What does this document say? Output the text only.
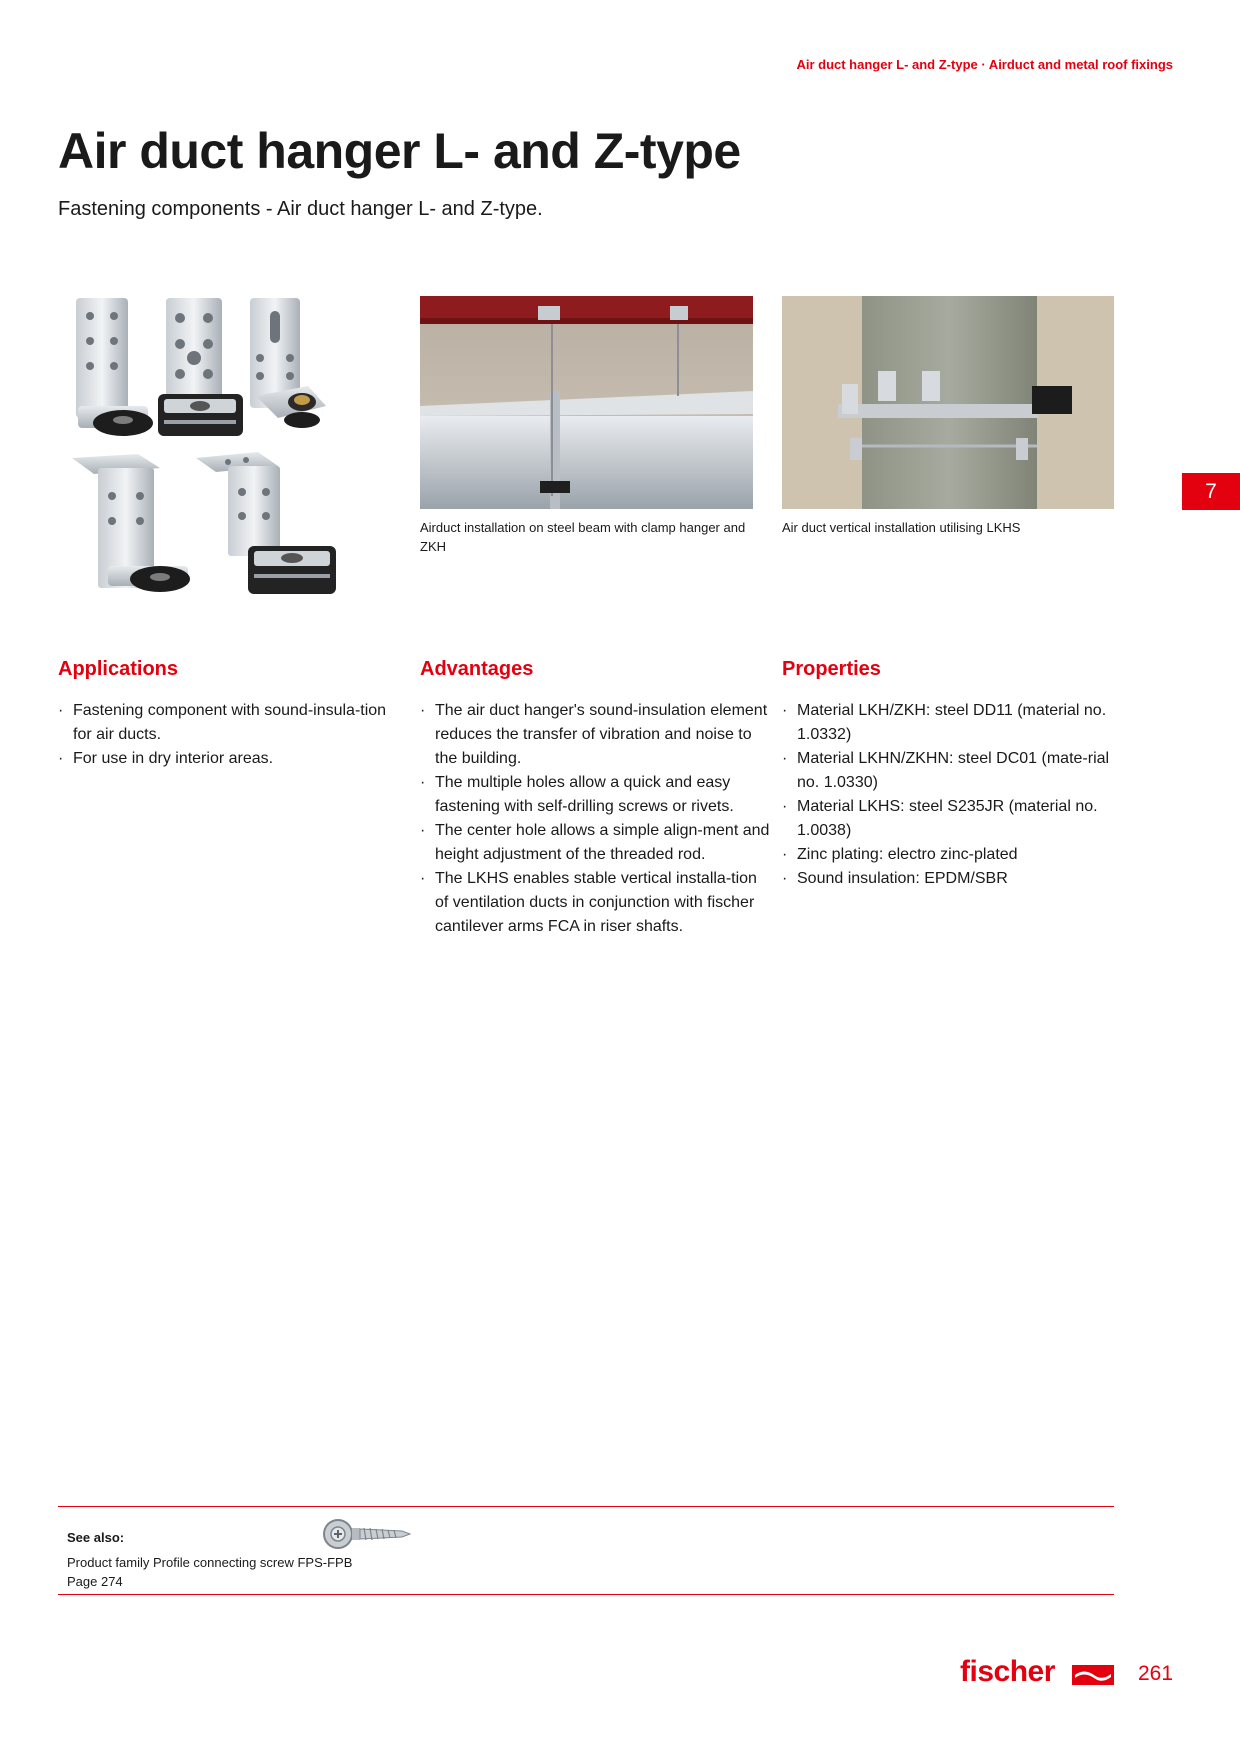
Air duct hanger L- and Z-type · Airduct and metal roof fixings
Air duct hanger L- and Z-type
Fastening components - Air duct hanger L- and Z-type.
7
Airduct installation on steel beam with clamp hanger and ZKH
Air duct vertical installation utilising LKHS
Applications
· Fastening component with sound-insula-tion for air ducts.
· For use in dry interior areas.
Advantages
· The air duct hanger's sound-insulation element reduces the transfer of vibration and noise to the building.
· The multiple holes allow a quick and easy fastening with self-drilling screws or rivets.
· The center hole allows a simple align-ment and height adjustment of the threaded rod.
· The LKHS enables stable vertical installa-tion of ventilation ducts in conjunction with fischer cantilever arms FCA in riser shafts.
Properties
· Material LKH/ZKH: steel DD11 (material no. 1.0332)
· Material LKHN/ZKHN: steel DC01 (mate-rial no. 1.0330)
· Material LKHS: steel S235JR (material no. 1.0038)
· Zinc plating: electro zinc-plated
· Sound insulation: EPDM/SBR
See also:
Product family Profile connecting screw FPS-FPB Page 274
fischer	261
